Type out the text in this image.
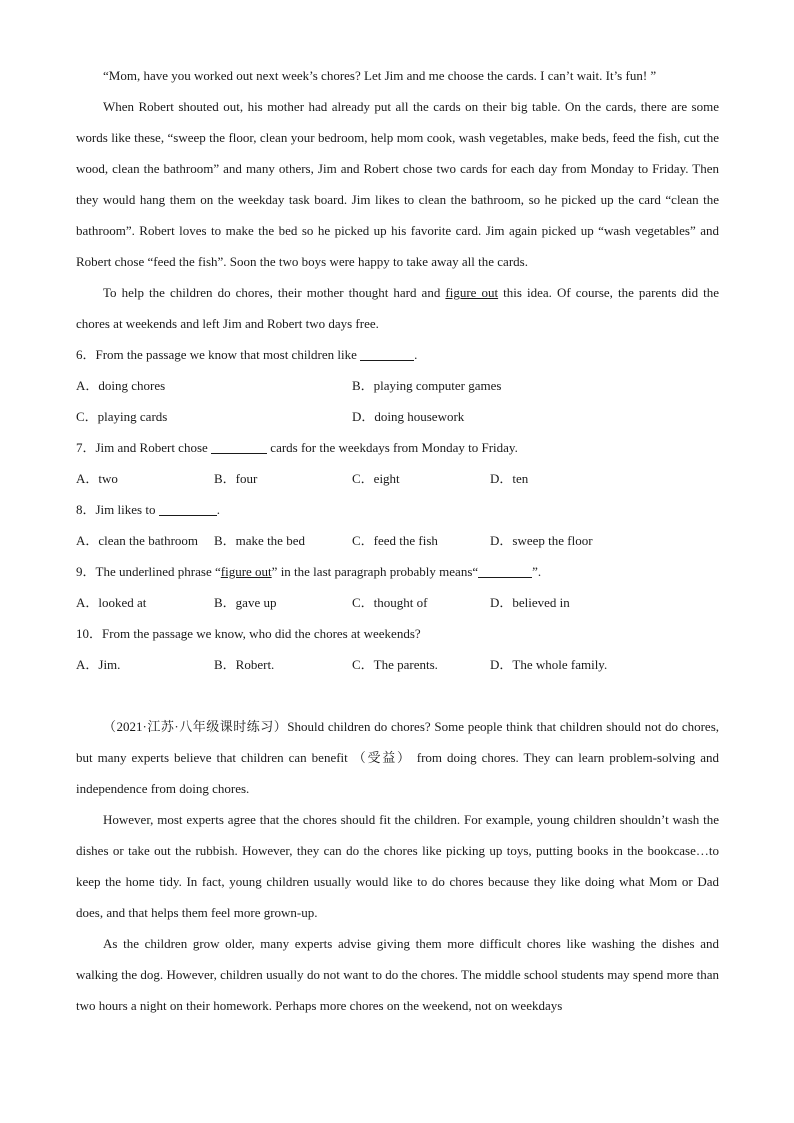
“Mom, have you worked out next week’s chores? Let Jim and me choose the cards. I can’t wait. It’s fun! ”

When Robert shouted out, his mother had already put all the cards on their big table. On the cards, there are some words like these, “sweep the floor, clean your bedroom, help mom cook, wash vegetables, make beds, feed the fish, cut the wood, clean the bathroom” and many others, Jim and Robert chose two cards for each day from Monday to Friday. Then they would hang them on the weekday task board. Jim likes to clean the bathroom, so he picked up the card “clean the bathroom”. Robert loves to make the bed so he picked up his favorite card. Jim again picked up “wash vegetables” and Robert chose “feed the fish”. Soon the two boys were happy to take away all the cards.

To help the children do chores, their mother thought hard and figure out this idea. Of course, the parents did the chores at weekends and left Jim and Robert two days free.

6．From the passage we know that most children like	.

A．doing chores	B．playing computer games
C．playing cards	D．doing housework

7．Jim and Robert chose	cards for the weekdays from Monday to Friday.

A．two	B．four	C．eight	D．ten

8．Jim likes to	.

A．clean the bathroom	B．make the bed	C．feed the fish	D．sweep the floor

9．The underlined phrase “figure out” in the last paragraph probably means“	”.

A．looked at	B．gave up	C．thought of	D．believed in

10．From the passage we know, who did the chores at weekends?

A．Jim.	B．Robert.	C．The parents.	D．The whole family.

（2021·江苏·八年级课时练习）Should children do chores? Some people think that children should not do chores, but many experts believe that children can benefit （受益） from doing chores. They can learn problem-solving and independence from doing chores.

However, most experts agree that the chores should fit the children. For example, young children shouldn’t wash the dishes or take out the rubbish. However, they can do the chores like picking up toys, putting books in the bookcase…to keep the home tidy. In fact, young children usually would like to do chores because they like doing what Mom or Dad does, and that helps them feel more grown-up.

As the children grow older, many experts advise giving them more difficult chores like washing the dishes and walking the dog. However, children usually do not want to do the chores. The middle school students may spend more than two hours a night on their homework. Perhaps more chores on the weekend, not on weekdays
